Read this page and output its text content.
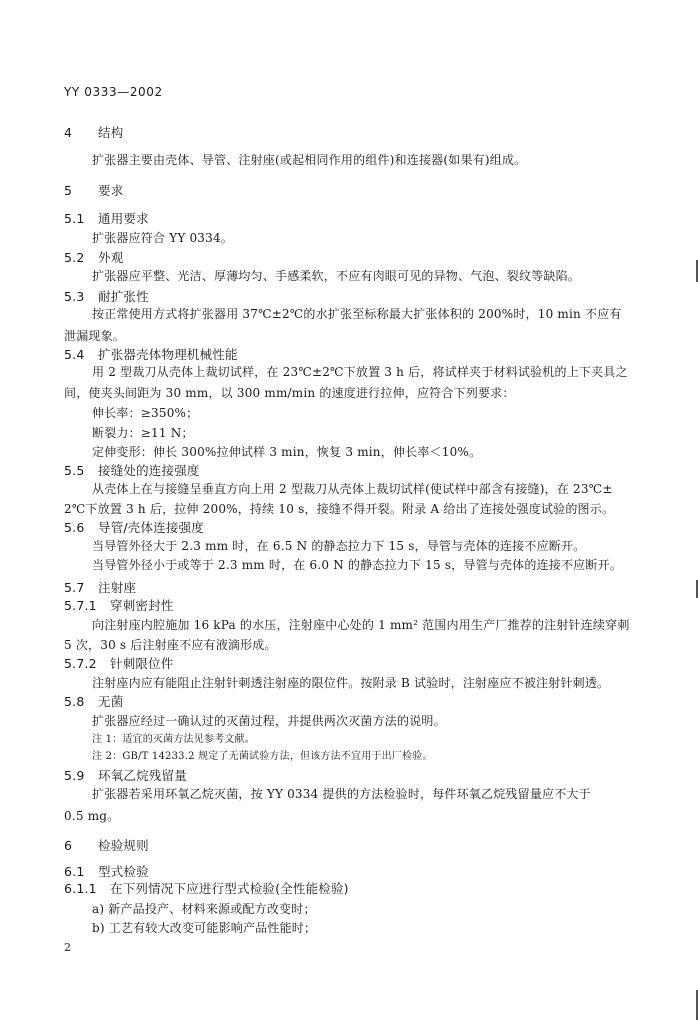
YY 0333—2002
4 结构
扩张器主要由壳体、导管、注射座(或起相同作用的组件)和连接器(如果有)组成。
5 要求
5.1 通用要求
扩张器应符合 YY 0334。
5.2 外观
扩张器应平整、光洁、厚薄均匀、手感柔软，不应有肉眼可见的异物、气泡、裂纹等缺陷。
5.3 耐扩张性
按正常使用方式将扩张器用 37℃±2℃的水扩张至标称最大扩张体积的 200%时，10 min 不应有
泄漏现象。
5.4 扩张器壳体物理机械性能
用 2 型裁刀从壳体上裁切试样，在 23℃±2℃下放置 3 h 后，将试样夹于材料试验机的上下夹具之
间，使夹头间距为 30 mm，以 300 mm/min 的速度进行拉伸，应符合下列要求：
伸长率：≥350%；
断裂力：≥11 N；
定伸变形：伸长 300%拉伸试样 3 min，恢复 3 min，伸长率＜10%。
5.5 接缝处的连接强度
从壳体上在与接缝呈垂直方向上用 2 型裁刀从壳体上裁切试样(使试样中部含有接缝)，在 23℃±
2℃下放置 3 h 后，拉伸 200%，持续 10 s，接缝不得开裂。附录 A 给出了连接处强度试验的图示。
5.6 导管/壳体连接强度
当导管外径大于 2.3 mm 时，在 6.5 N 的静态拉力下 15 s，导管与壳体的连接不应断开。
当导管外径小于或等于 2.3 mm 时，在 6.0 N 的静态拉力下 15 s，导管与壳体的连接不应断开。
5.7 注射座
5.7.1 穿刺密封性
向注射座内腔施加 16 kPa 的水压，注射座中心处的 1 mm² 范围内用生产厂推荐的注射针连续穿刺
5 次，30 s 后注射座不应有液滴形成。
5.7.2 针刺限位件
注射座内应有能阻止注射针刺透注射座的限位件。按附录 B 试验时，注射座应不被注射针刺透。
5.8 无菌
扩张器应经过一确认过的灭菌过程，并提供两次灭菌方法的说明。
注 1：适宜的灭菌方法见参考文献。
注 2：GB/T 14233.2 规定了无菌试验方法，但该方法不宜用于出厂检验。
5.9 环氧乙烷残留量
扩张器若采用环氧乙烷灭菌，按 YY 0334 提供的方法检验时，每件环氧乙烷残留量应不大于
0.5 mg。
6 检验规则
6.1 型式检验
6.1.1 在下列情况下应进行型式检验(全性能检验)
a) 新产品投产、材料来源或配方改变时；
b) 工艺有较大改变可能影响产品性能时；
2
